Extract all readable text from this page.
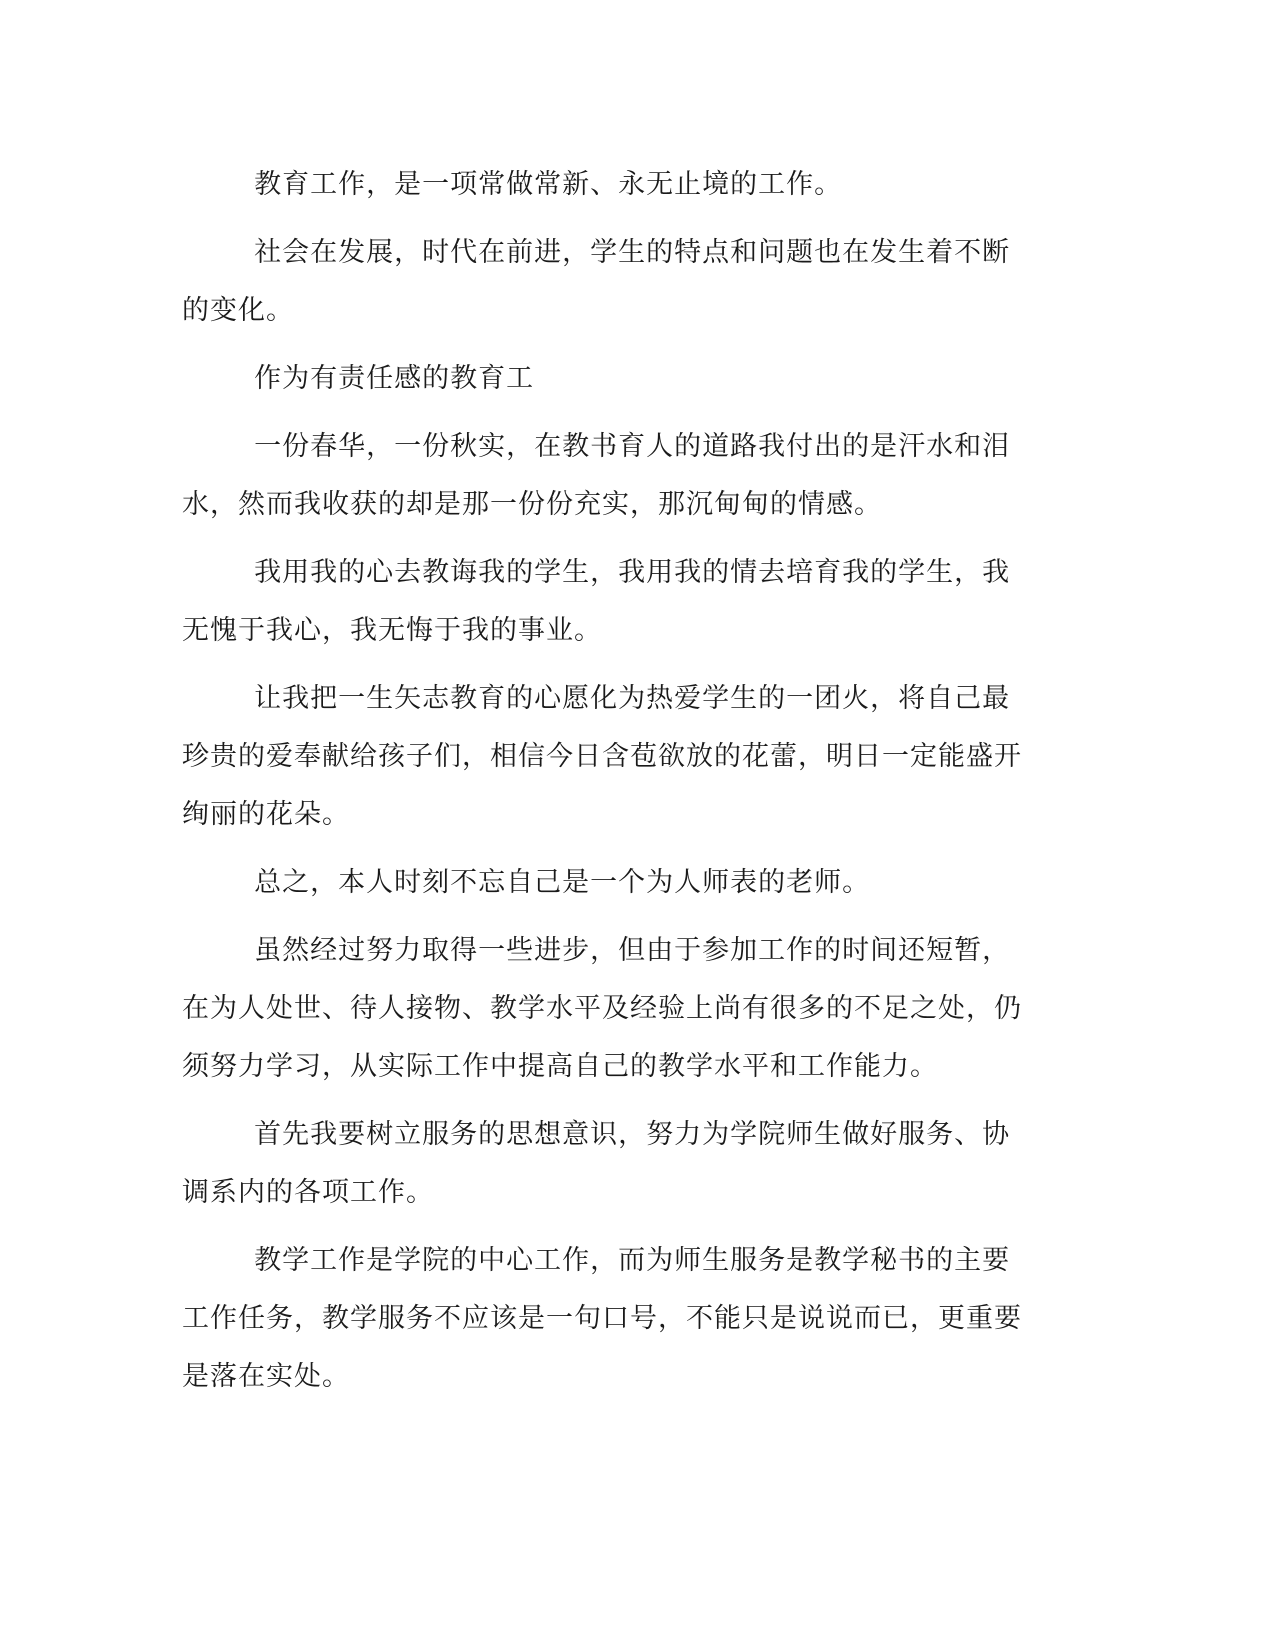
教育工作，是一项常做常新、永无止境的工作。

社会在发展，时代在前进，学生的特点和问题也在发生着不断的变化。

作为有责任感的教育工

一份春华，一份秋实，在教书育人的道路我付出的是汗水和泪水，然而我收获的却是那一份份充实，那沉甸甸的情感。

我用我的心去教诲我的学生，我用我的情去培育我的学生，我无愧于我心，我无悔于我的事业。

让我把一生矢志教育的心愿化为热爱学生的一团火，将自己最珍贵的爱奉献给孩子们，相信今日含苞欲放的花蕾，明日一定能盛开绚丽的花朵。

总之，本人时刻不忘自己是一个为人师表的老师。

虽然经过努力取得一些进步，但由于参加工作的时间还短暂，在为人处世、待人接物、教学水平及经验上尚有很多的不足之处，仍须努力学习，从实际工作中提高自己的教学水平和工作能力。

首先我要树立服务的思想意识，努力为学院师生做好服务、协调系内的各项工作。

教学工作是学院的中心工作，而为师生服务是教学秘书的主要工作任务，教学服务不应该是一句口号，不能只是说说而已，更重要是落在实处。
